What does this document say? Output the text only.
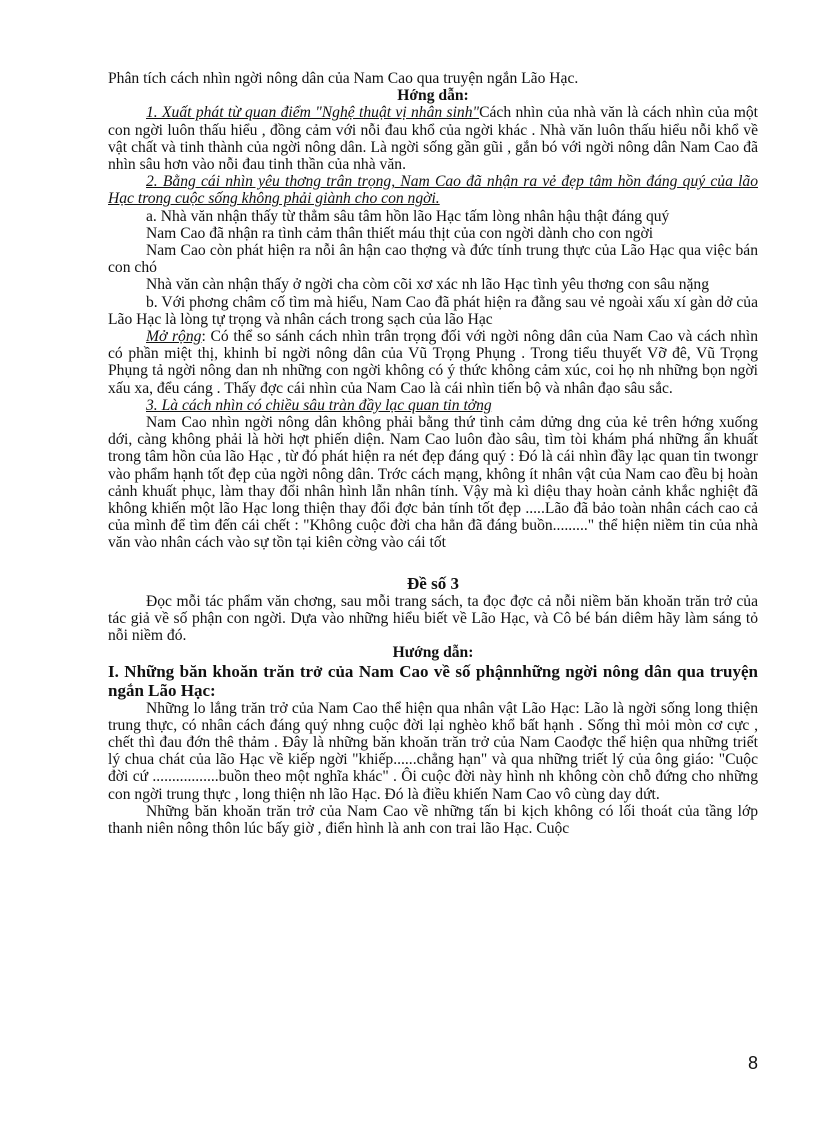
Phân tích cách nhìn ngời nông dân của Nam Cao qua truyện ngắn Lão Hạc.

Hớng dẫn:

1. Xuất phát từ quan điểm "Nghệ thuật vị nhân sinh"Cách nhìn của nhà văn là cách nhìn của một con ngời luôn thấu hiểu , đồng cảm với nỗi đau khổ của ngời khác . Nhà văn luôn thấu hiểu nỗi khổ về vật chất và tinh thành của ngời nông dân. Là ngời sống gần gũi , gắn bó với ngời nông dân Nam Cao đã nhìn sâu hơn vào nỗi đau tinh thần của nhà văn.

2. Bằng cái nhìn yêu thơng trân trọng, Nam Cao đã nhận ra vẻ đẹp tâm hồn đáng quý của lão Hạc trong cuộc sống không phải giành cho con ngời.

a. Nhà văn nhận thấy từ thẳm sâu tâm hồn lão Hạc tấm lòng nhân hậu thật đáng quý

Nam Cao đã nhận ra tình cảm thân thiết máu thịt của con ngời dành cho con ngời

Nam Cao còn phát hiện ra nỗi ân hận cao thợng và đức tính trung thực của Lão Hạc qua việc bán con chó

Nhà văn càn nhận thấy ở ngời cha còm cõi xơ xác nh lão Hạc tình yêu thơng con sâu nặng

b. Với phơng châm cố tìm mà hiểu, Nam Cao đã phát hiện ra đằng sau vẻ ngoài xấu xí gàn dở của Lão Hạc là lòng tự trọng và nhân cách trong sạch của lão Hạc

Mở rộng: Có thể so sánh cách nhìn trân trọng đối với ngời nông dân của Nam Cao và cách nhìn có phần miệt thị, khinh bỉ ngời nông dân của Vũ Trọng Phụng . Trong tiểu thuyết Vỡ đê, Vũ Trọng Phụng tả ngời nông dan nh những con ngời không có ý thức không cảm xúc, coi họ nh những bọn ngời xấu xa, đểu cáng . Thấy đợc cái nhìn của Nam Cao là cái nhìn tiến bộ và nhân đạo sâu sắc.

3. Là cách nhìn có chiều sâu tràn đầy lạc quan tin tởng

Nam Cao nhìn ngời nông dân không phải bằng thứ tình cảm dửng dng của kẻ trên hớng xuống dới, càng không phải là hời hợt phiến diện. Nam Cao luôn đào sâu, tìm tòi khám phá những ẩn khuất trong tâm hồn của lão Hạc , từ đó phát hiện ra nét đẹp đáng quý : Đó là cái nhìn đầy lạc quan tin twongr vào phẩm hạnh tốt đẹp của ngời nông dân. Trớc cách mạng, không ít nhân vật của Nam cao đều bị hoàn cảnh khuất phục, làm thay đổi nhân hình lẫn nhân tính. Vậy mà kì diệu thay hoàn cảnh khắc nghiệt đã không khiến một lão Hạc long thiện thay đổi đợc bản tính tốt đẹp .....Lão đã bảo toàn nhân cách cao cả của mình để tìm đến cái chết : "Không cuộc đời cha hẳn đã đáng buồn........." thể hiện niềm tin của nhà văn vào nhân cách vào sự tồn tại kiên cờng vào cái tốt

Đề số 3

Đọc mỗi tác phẩm văn chơng, sau mỗi trang sách, ta đọc đợc cả nỗi niềm băn khoăn trăn trở của tác giả về số phận con ngời. Dựa vào những hiểu biết về Lão Hạc, và Cô bé bán diêm hãy làm sáng tỏ nỗi niềm đó.

Hướng dẫn:

I. Những băn khoăn trăn trở của Nam Cao về số phậnnhững ngời nông dân qua truyện ngắn Lão Hạc:

Những lo lắng trăn trở của Nam Cao thể hiện qua nhân vật Lão Hạc: Lão là ngời sống long thiện trung thực, có nhân cách đáng quý nhng cuộc đời lại nghèo khổ bất hạnh . Sống thì mỏi mòn cơ cực , chết thì đau đớn thê thảm . Đây là những băn khoăn trăn trở của Nam Caođợc thể hiện qua những triết lý chua chát của lão Hạc về kiếp ngời "khiếp......chẳng hạn" và qua những triết lý của ông giáo: "Cuộc đời cứ .................buồn theo một nghĩa khác" . Ôi cuộc đời này hình nh không còn chỗ đứng cho những con ngời trung thực , long thiện nh lão Hạc. Đó là điều khiến Nam Cao vô cùng day dứt.

Những băn khoăn trăn trở của Nam Cao về những tấn bi kịch không có lối thoát của tầng lớp thanh niên nông thôn lúc bấy giờ , điển hình là anh con trai lão Hạc. Cuộc

8
